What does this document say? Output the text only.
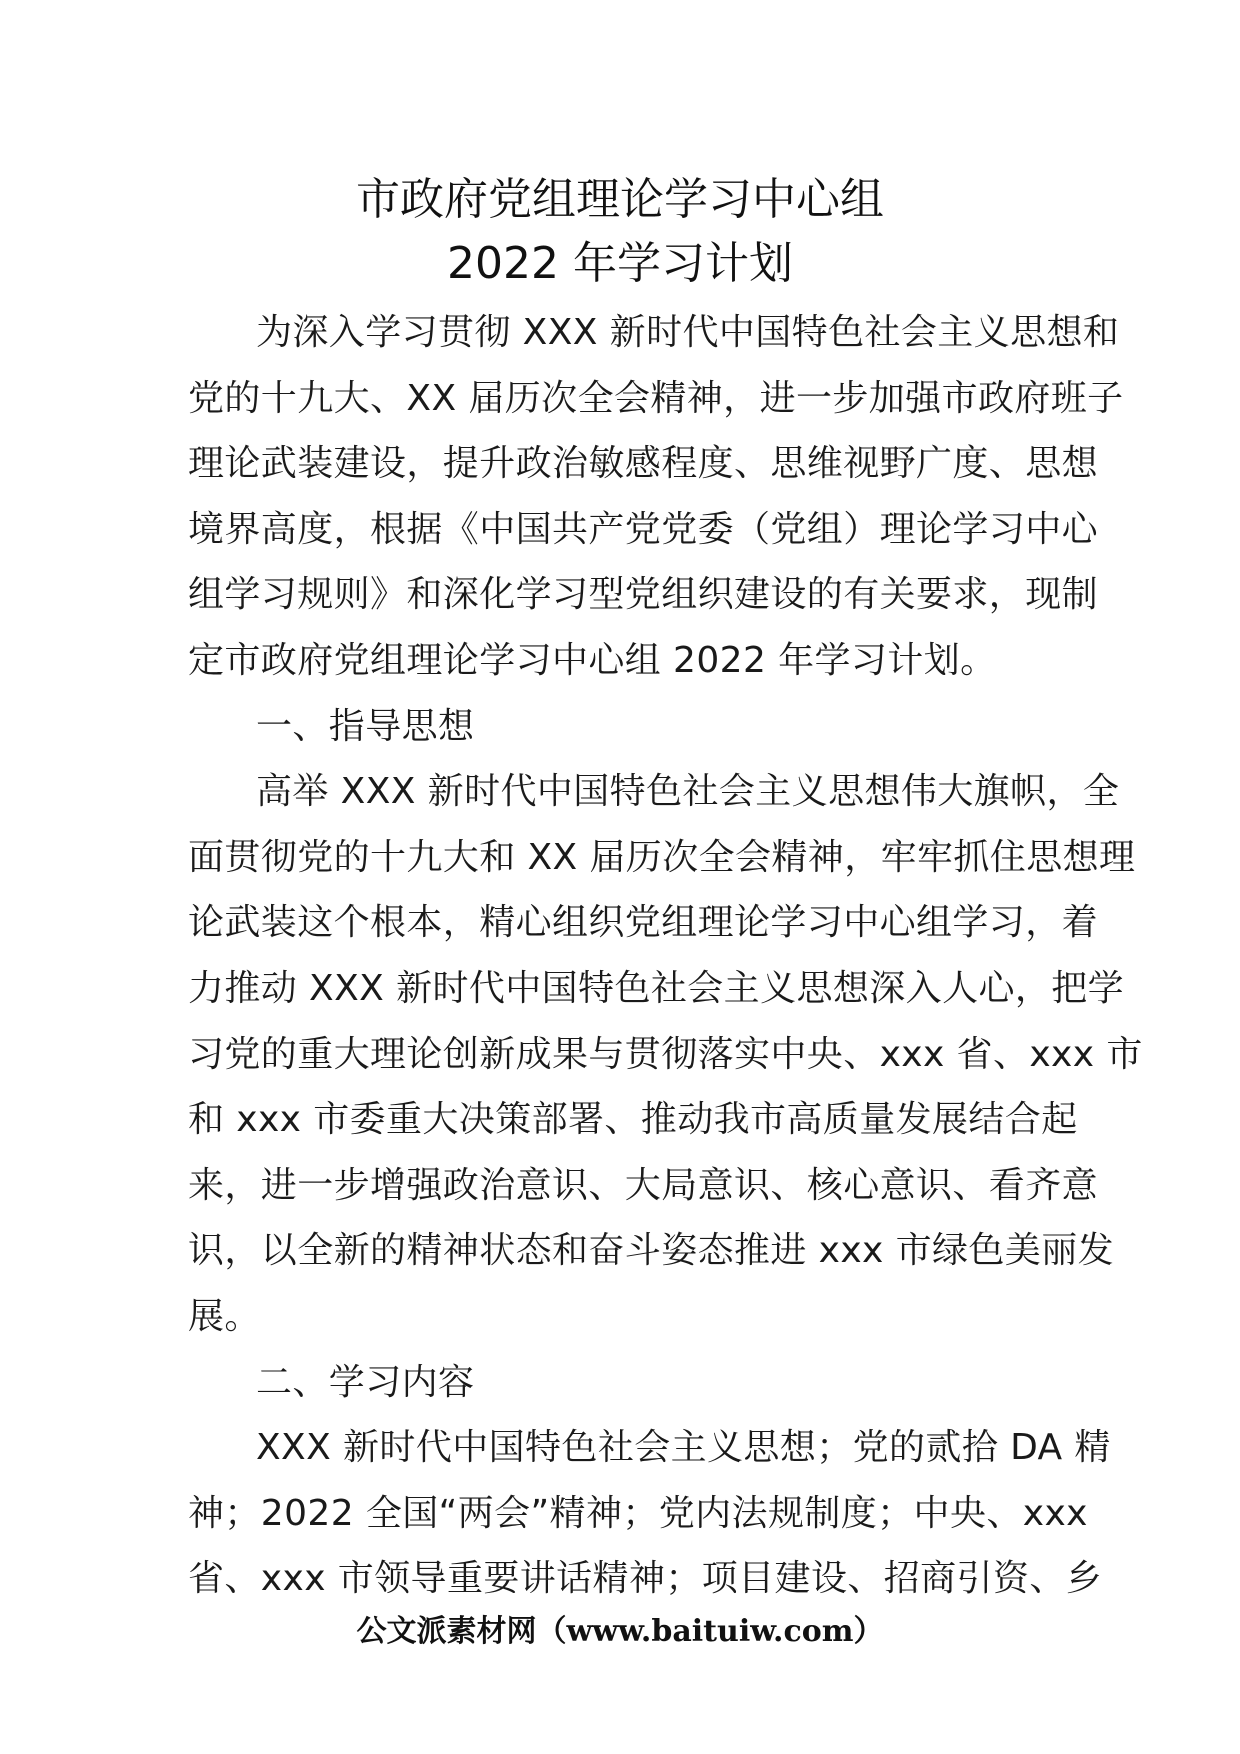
市政府党组理论学习中心组
2022 年学习计划
为深入学习贯彻 XXX 新时代中国特色社会主义思想和
党的十九大、XX 届历次全会精神，进一步加强市政府班子
理论武装建设，提升政治敏感程度、思维视野广度、思想
境界高度，根据《中国共产党党委（党组）理论学习中心
组学习规则》和深化学习型党组织建设的有关要求，现制
定市政府党组理论学习中心组 2022 年学习计划。
一、指导思想
高举 XXX 新时代中国特色社会主义思想伟大旗帜，全
面贯彻党的十九大和 XX 届历次全会精神，牢牢抓住思想理
论武装这个根本，精心组织党组理论学习中心组学习，着
力推动 XXX 新时代中国特色社会主义思想深入人心，把学
习党的重大理论创新成果与贯彻落实中央、xxx 省、xxx 市
和 xxx 市委重大决策部署、推动我市高质量发展结合起
来，进一步增强政治意识、大局意识、核心意识、看齐意
识，以全新的精神状态和奋斗姿态推进 xxx 市绿色美丽发
展。
二、学习内容
XXX 新时代中国特色社会主义思想；党的贰拾 DA 精
神；2022 全国“两会”精神；党内法规制度；中央、xxx
省、xxx 市领导重要讲话精神；项目建设、招商引资、乡
公文派素材网（www.baituiw.com）
